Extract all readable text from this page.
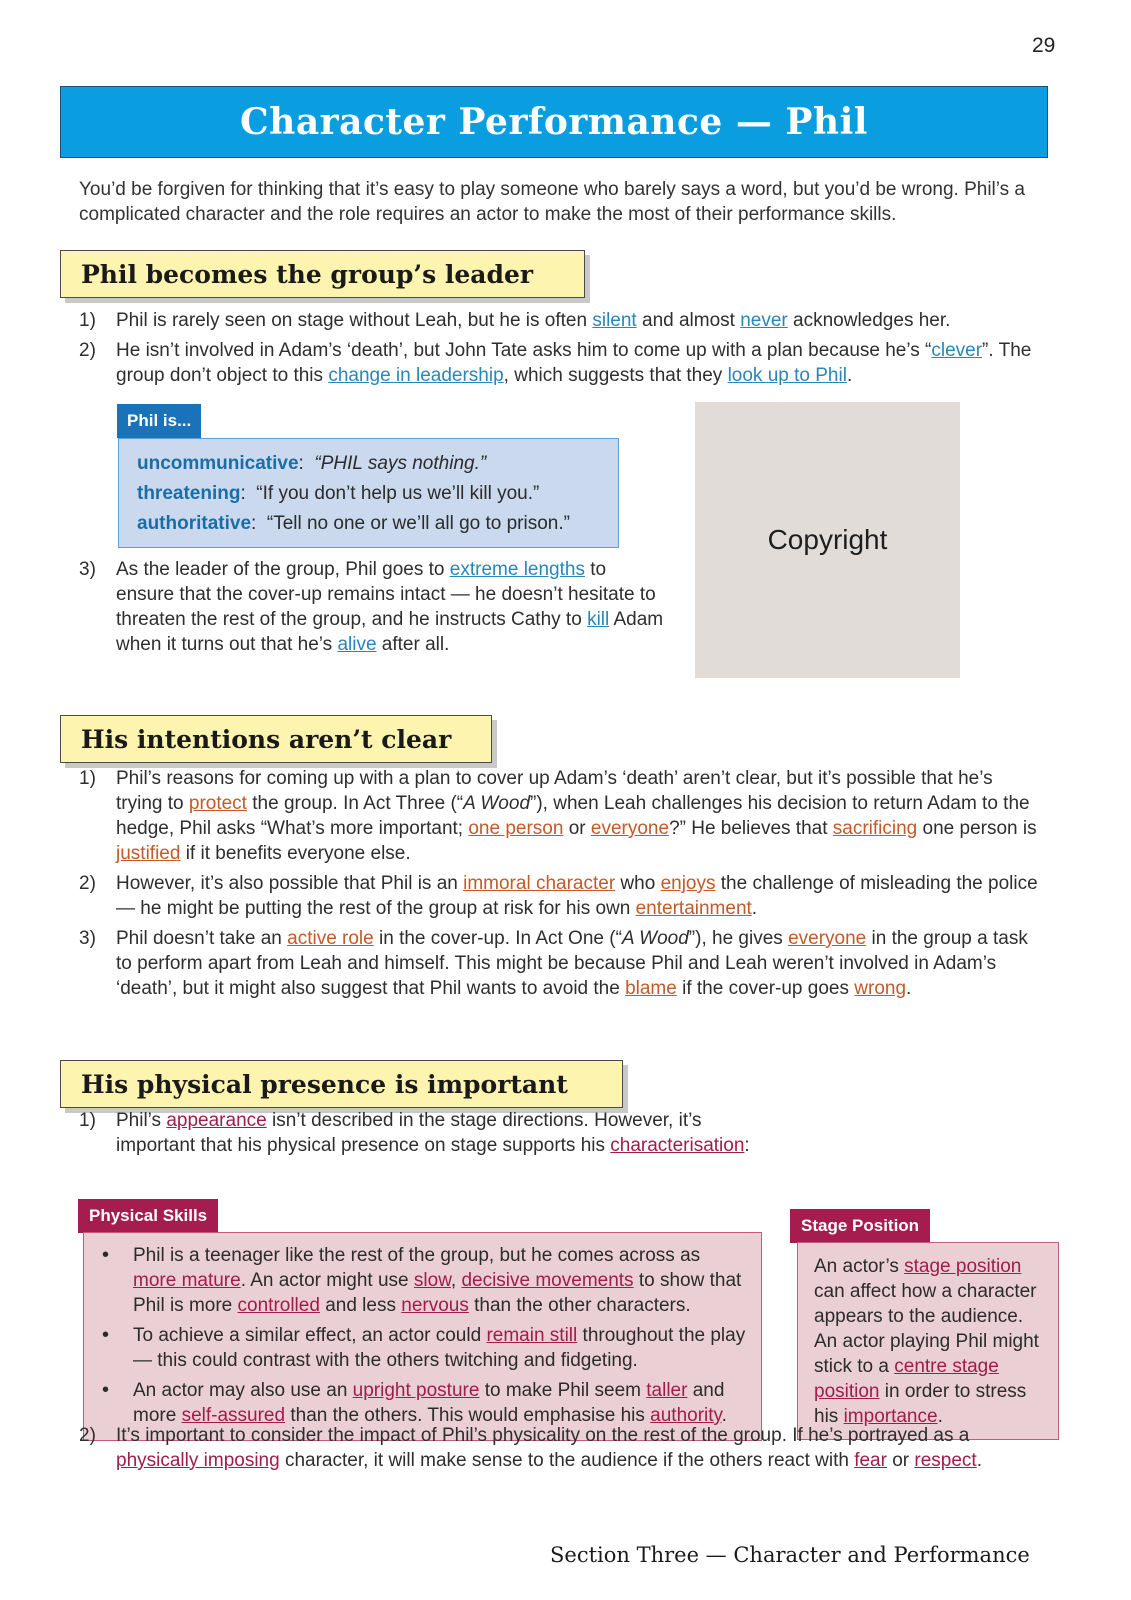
29
Character Performance — Phil
You’d be forgiven for thinking that it’s easy to play someone who barely says a word, but you’d be wrong. Phil’s a complicated character and the role requires an actor to make the most of their performance skills.
Phil becomes the group’s leader
1) Phil is rarely seen on stage without Leah, but he is often silent and almost never acknowledges her.
2) He isn’t involved in Adam’s ‘death’, but John Tate asks him to come up with a plan because he’s “clever”. The group don’t object to this change in leadership, which suggests that they look up to Phil.
Phil is...
uncommunicative:  “PHIL says nothing.”
threatening:  “If you don’t help us we’ll kill you.”
authoritative:  “Tell no one or we’ll all go to prison.”
Copyright
3) As the leader of the group, Phil goes to extreme lengths to ensure that the cover-up remains intact — he doesn’t hesitate to threaten the rest of the group, and he instructs Cathy to kill Adam when it turns out that he’s alive after all.
His intentions aren’t clear
1) Phil’s reasons for coming up with a plan to cover up Adam’s ‘death’ aren’t clear, but it’s possible that he’s trying to protect the group. In Act Three (“A Wood”), when Leah challenges his decision to return Adam to the hedge, Phil asks “What’s more important; one person or everyone?” He believes that sacrificing one person is justified if it benefits everyone else.
2) However, it’s also possible that Phil is an immoral character who enjoys the challenge of misleading the police — he might be putting the rest of the group at risk for his own entertainment.
3) Phil doesn’t take an active role in the cover-up. In Act One (“A Wood”), he gives everyone in the group a task to perform apart from Leah and himself. This might be because Phil and Leah weren’t involved in Adam’s ‘death’, but it might also suggest that Phil wants to avoid the blame if the cover-up goes wrong.
His physical presence is important
1) Phil’s appearance isn’t described in the stage directions. However, it’s important that his physical presence on stage supports his characterisation:
Physical Skills
• Phil is a teenager like the rest of the group, but he comes across as more mature. An actor might use slow, decisive movements to show that Phil is more controlled and less nervous than the other characters.
• To achieve a similar effect, an actor could remain still throughout the play — this could contrast with the others twitching and fidgeting.
• An actor may also use an upright posture to make Phil seem taller and more self-assured than the others. This would emphasise his authority.
Stage Position
An actor’s stage position can affect how a character appears to the audience. An actor playing Phil might stick to a centre stage position in order to stress his importance.
2) It’s important to consider the impact of Phil’s physicality on the rest of the group. If he’s portrayed as a physically imposing character, it will make sense to the audience if the others react with fear or respect.
Section Three — Character and Performance
